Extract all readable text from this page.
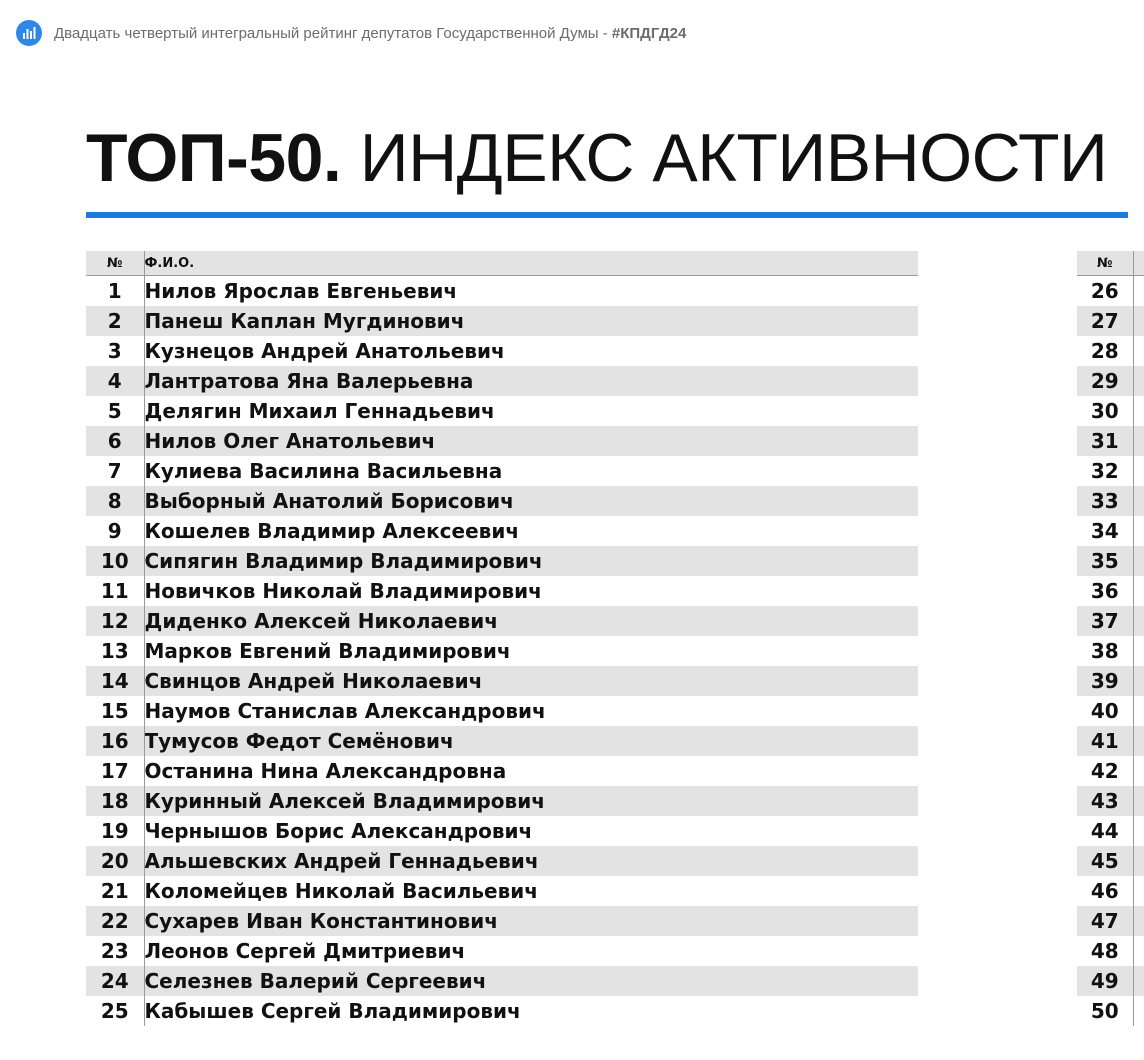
Двадцать четвертый интегральный рейтинг депутатов Государственной Думы - #КПДГД24
ТОП-50. ИНДЕКС АКТИВНОСТИ
№	Ф.И.О.
1	Нилов Ярослав Евгеньевич
2	Панеш Каплан Мугдинович
3	Кузнецов Андрей Анатольевич
4	Лантратова Яна Валерьевна
5	Делягин Михаил Геннадьевич
6	Нилов Олег Анатольевич
7	Кулиева Василина Васильевна
8	Выборный Анатолий Борисович
9	Кошелев Владимир Алексеевич
10	Сипягин Владимир Владимирович
11	Новичков Николай Владимирович
12	Диденко Алексей Николаевич
13	Марков Евгений Владимирович
14	Свинцов Андрей Николаевич
15	Наумов Станислав Александрович
16	Тумусов Федот Семёнович
17	Останина Нина Александровна
18	Куринный Алексей Владимирович
19	Чернышов Борис Александрович
20	Альшевских Андрей Геннадьевич
21	Коломейцев Николай Васильевич
22	Сухарев Иван Константинович
23	Леонов Сергей Дмитриевич
24	Селезнев Валерий Сергеевич
25	Кабышев Сергей Владимирович
№	
26	
27	
28	
29	
30	
31	
32	
33	
34	
35	
36	
37	
38	
39	
40	
41	
42	
43	
44	
45	
46	
47	
48	
49	
50	
